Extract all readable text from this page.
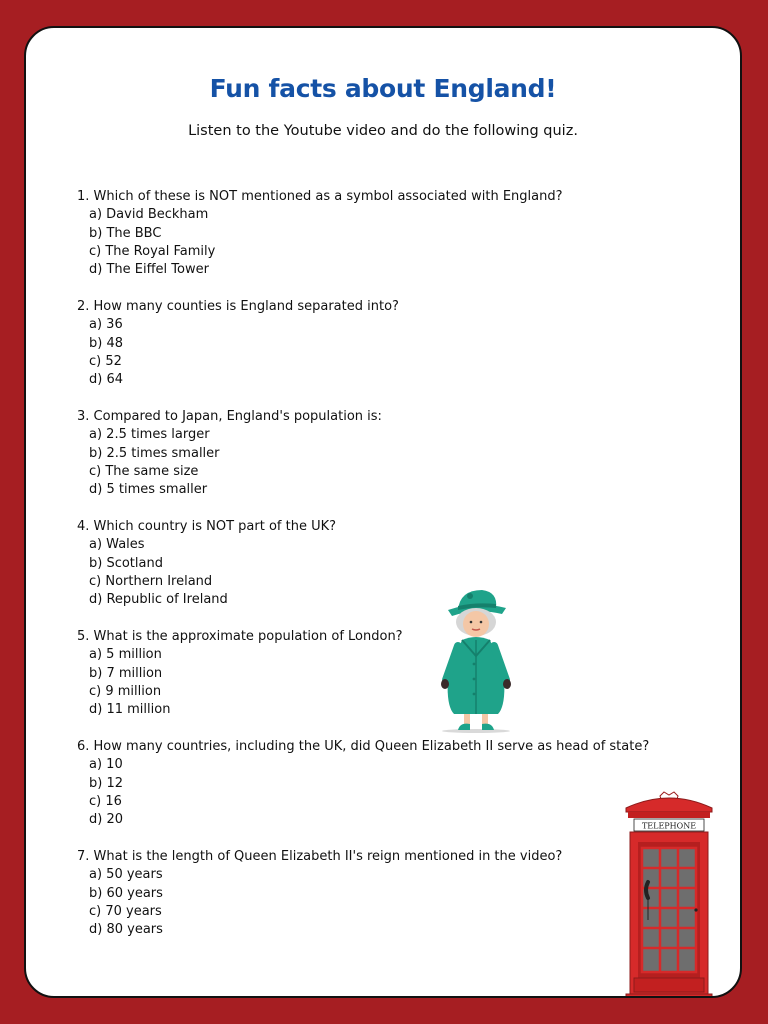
Fun facts about England!

Listen to the Youtube video and do the following quiz.

1. Which of these is NOT mentioned as a symbol associated with England?
a) David Beckham
b) The BBC
c) The Royal Family
d) The Eiffel Tower
2. How many counties is England separated into?
a) 36
b) 48
c) 52
d) 64
3. Compared to Japan, England's population is:
a) 2.5 times larger
b) 2.5 times smaller
c) The same size
d) 5 times smaller
4. Which country is NOT part of the UK?
a) Wales
b) Scotland
c) Northern Ireland
d) Republic of Ireland
5. What is the approximate population of London?
a) 5 million
b) 7 million
c) 9 million
d) 11 million
6. How many countries, including the UK, did Queen Elizabeth II serve as head of state?
a) 10
b) 12
c) 16
d) 20
7. What is the length of Queen Elizabeth II's reign mentioned in the video?
a) 50 years
b) 60 years
c) 70 years
d) 80 years
TELEPHONE
